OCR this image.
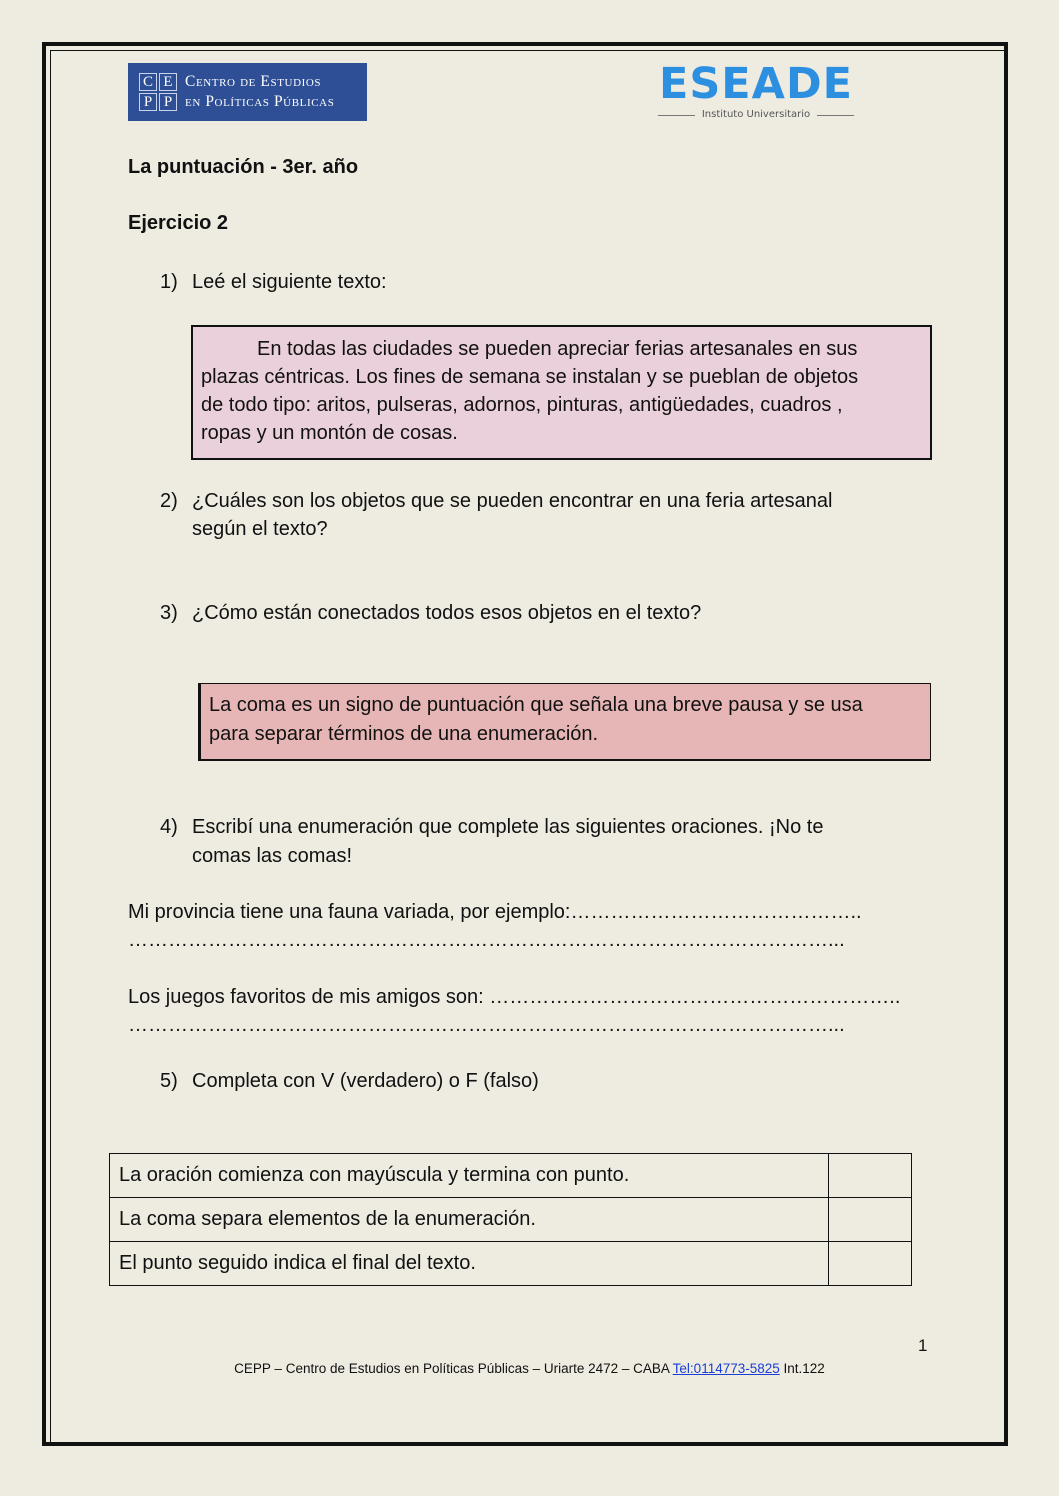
C E
P P
Centro de Estudios
en Políticas Públicas	ESEADE
Instituto Universitario
La puntuación - 3er. año
Ejercicio 2
1) Leé el siguiente texto:

En todas las ciudades se pueden apreciar ferias artesanales en sus

plazas céntricas. Los fines de semana se instalan y se pueblan de objetos

de todo tipo: aritos, pulseras, adornos, pinturas, antigüedades, cuadros ,

ropas y un montón de cosas.

2) ¿Cuáles son los objetos que se pueden encontrar en una feria artesanal
según el texto?
3) ¿Cómo están conectados todos esos objetos en el texto?
La coma es un signo de puntuación que señala una breve pausa y se usa
para separar términos de una enumeración.
4) Escribí una enumeración que complete las siguientes oraciones. ¡No te
comas las comas!
Mi provincia tiene una fauna variada, por ejemplo:……………………………………..
……………………………………………………………………………………………...
Los juegos favoritos de mis amigos son: ……………………………………………………..
……………………………………………………………………………………………...
5) Completa con V (verdadero) o F (falso)
La oración comienza con mayúscula y termina con punto.	
La coma separa elementos de la enumeración.	
El punto seguido indica el final del texto.	
1
CEPP – Centro de Estudios en Políticas Públicas – Uriarte 2472 – CABA Tel:0114773-5825 Int.122
